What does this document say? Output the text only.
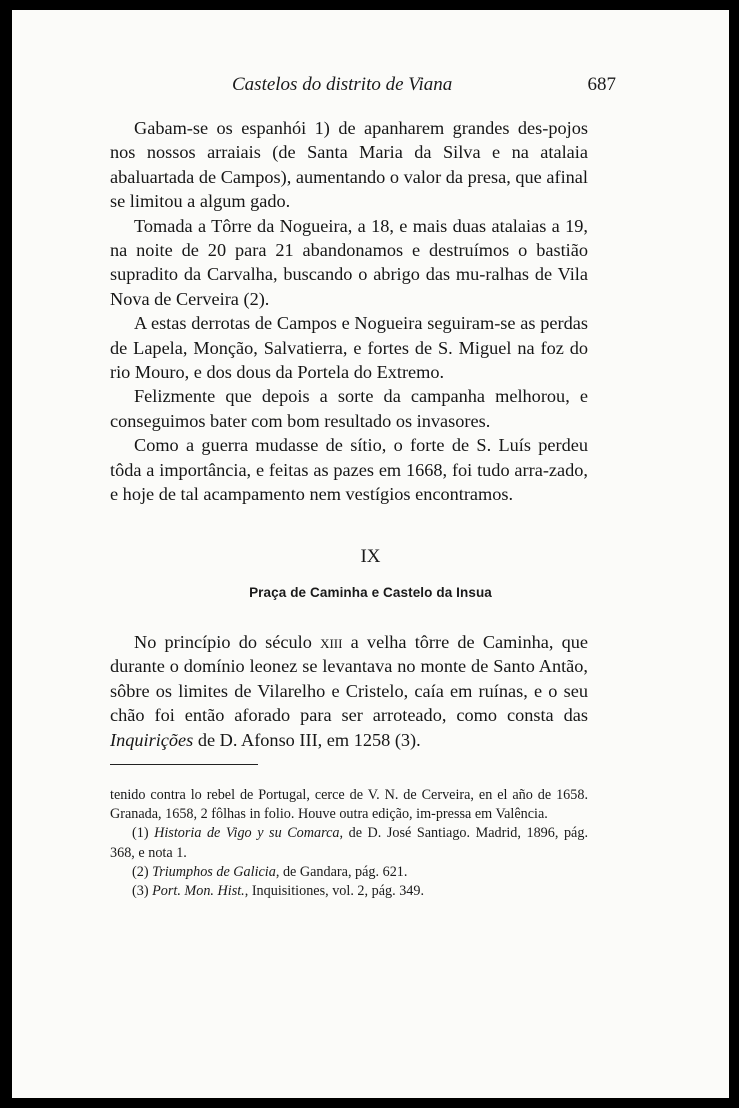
Castelos do distrito de Viana	687

Gabam-se os espanhói 1) de apanharem grandes des-pojos nos nossos arraiais (de Santa Maria da Silva e na atalaia abaluartada de Campos), aumentando o valor da presa, que afinal se limitou a algum gado.

Tomada a Tôrre da Nogueira, a 18, e mais duas atalaias a 19, na noite de 20 para 21 abandonamos e destruímos o bastião supradito da Carvalha, buscando o abrigo das mu-ralhas de Vila Nova de Cerveira (2).

A estas derrotas de Campos e Nogueira seguiram-se as perdas de Lapela, Monção, Salvatierra, e fortes de S. Miguel na foz do rio Mouro, e dos dous da Portela do Extremo.

Felizmente que depois a sorte da campanha melhorou, e conseguimos bater com bom resultado os invasores.

Como a guerra mudasse de sítio, o forte de S. Luís perdeu tôda a importância, e feitas as pazes em 1668, foi tudo arra-zado, e hoje de tal acampamento nem vestígios encontramos.

IX
Praça de Caminha e Castelo da Insua

No princípio do século xiii a velha tôrre de Caminha, que durante o domínio leonez se levantava no monte de Santo Antão, sôbre os limites de Vilarelho e Cristelo, caía em ruínas, e o seu chão foi então aforado para ser arroteado, como consta das Inquirições de D. Afonso III, em 1258 (3).

tenido contra lo rebel de Portugal, cerce de V. N. de Cerveira, en el año de 1658. Granada, 1658, 2 fôlhas in folio. Houve outra edição, im-pressa em Valência.

(1) Historia de Vigo y su Comarca, de D. José Santiago. Madrid, 1896, pág. 368, e nota 1.

(2) Triumphos de Galicia, de Gandara, pág. 621.

(3) Port. Mon. Hist., Inquisitiones, vol. 2, pág. 349.
